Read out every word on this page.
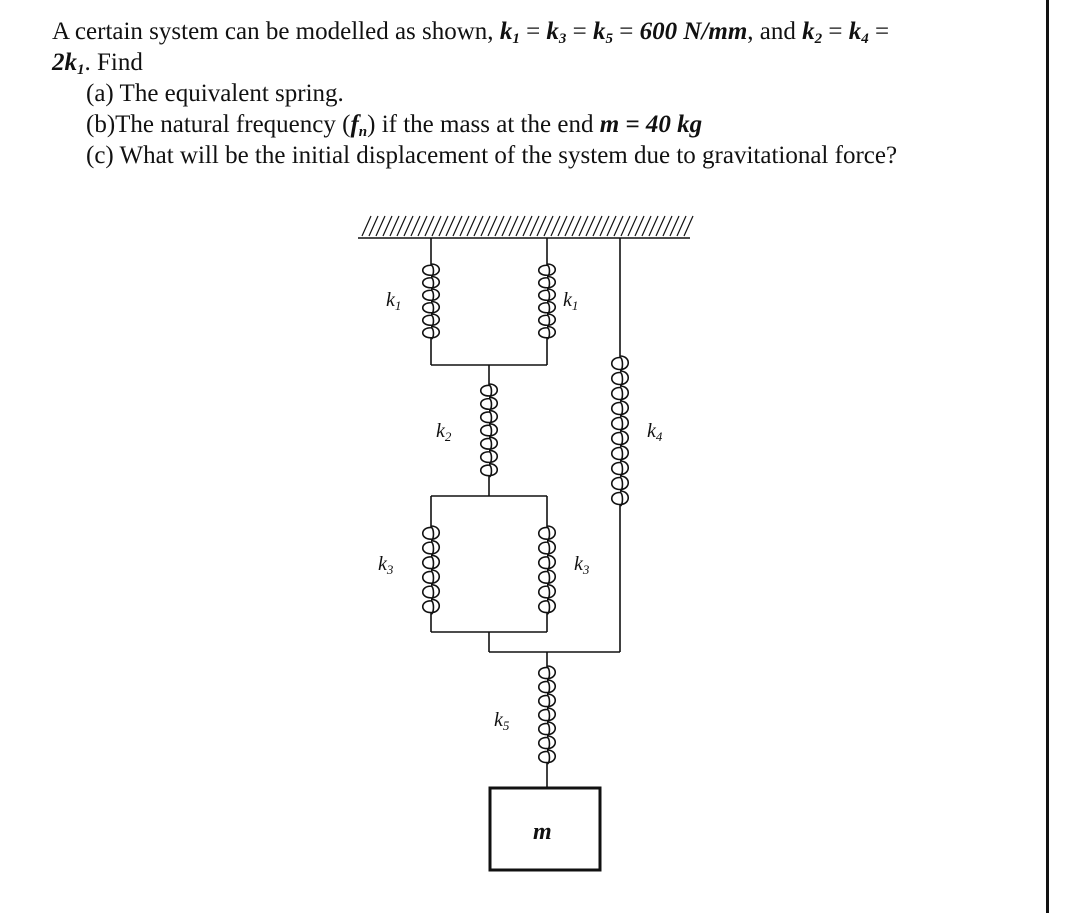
A certain system can be modelled as shown, $k_1 = k_3 = k_5 = 600$ N/mm, and $k_2 = k_4$ =
$2k_1$. Find
(a) The equivalent spring.
(b)The natural frequency $(f_n)$ if the mass at the end m = 40 kg
(c) What will be the initial displacement of the system due to gravitational force?
$k_1$	$k_1$
$k_2$	$k_4$
$k_3$	$k_3$
$k_5$
m
